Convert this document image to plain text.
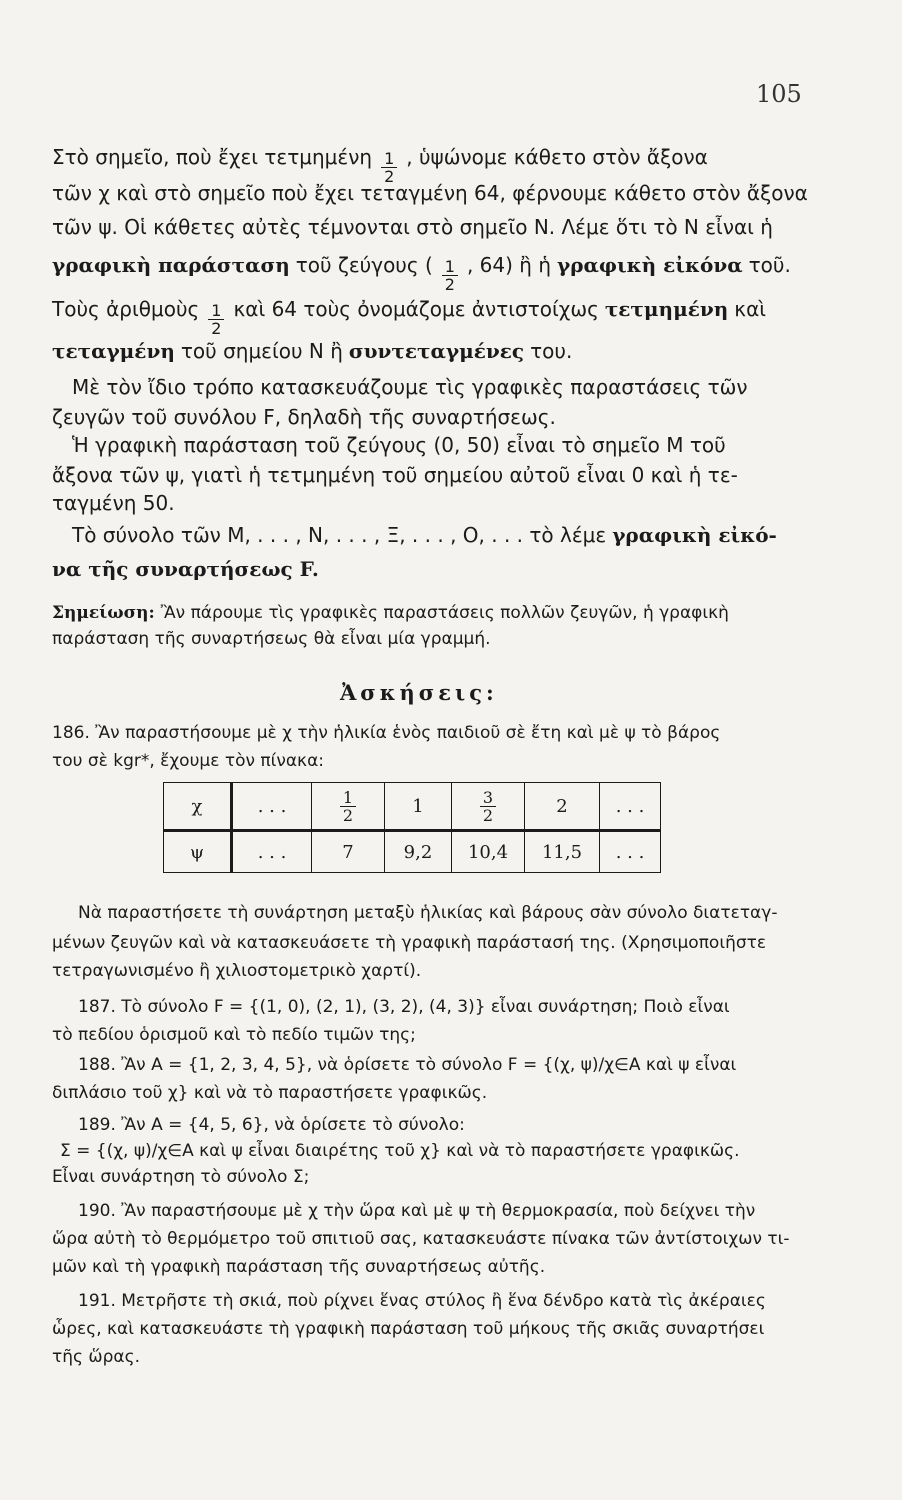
105
Στὸ σημεῖο, ποὺ ἔχει τετμημένη $\frac{1}{2}$ , ὑψώνομε κάθετο στὸν ἄξονα
τῶν χ καὶ στὸ σημεῖο ποὺ ἔχει τεταγμένη 64, φέρνουμε κάθετο στὸν ἄξονα
τῶν ψ. Οἱ κάθετες αὐτὲς τέμνονται στὸ σημεῖο Ν. Λέμε ὅτι τὸ Ν εἶναι ἡ
γραφικὴ παράσταση τοῦ ζεύγους ( $\frac{1}{2}$ , 64) ἢ ἡ γραφικὴ εἰκόνα τοῦ.
Τοὺς ἀριθμοὺς $\frac{1}{2}$ καὶ 64 τοὺς ὀνομάζομε ἀντιστοίχως τετμημένη καὶ
τεταγμένη τοῦ σημείου Ν ἢ συντεταγμένες του.
Μὲ τὸν ἴδιο τρόπο κατασκευάζουμε τὶς γραφικὲς παραστάσεις τῶν
ζευγῶν τοῦ συνόλου F, δηλαδὴ τῆς συναρτήσεως.
Ἡ γραφικὴ παράσταση τοῦ ζεύγους (0, 50) εἶναι τὸ σημεῖο Μ τοῦ
ἄξονα τῶν ψ, γιατὶ ἡ τετμημένη τοῦ σημείου αὐτοῦ εἶναι 0 καὶ ἡ τε-
ταγμένη 50.
Τὸ σύνολο τῶν Μ, . . . , Ν, . . . , Ξ, . . . , Ο, . . . τὸ λέμε γραφικὴ εἰκό-
να τῆς συναρτήσεως F.
Σημείωση: Ἂν πάρουμε τὶς γραφικὲς παραστάσεις πολλῶν ζευγῶν, ἡ γραφικὴ
παράσταση τῆς συναρτήσεως θὰ εἶναι μία γραμμή.
Ἀσκήσεις:
186. Ἂν παραστήσουμε μὲ χ τὴν ἡλικία ἑνὸς παιδιοῦ σὲ ἔτη καὶ μὲ ψ τὸ βάρος
του σὲ kgr*, ἔχουμε τὸν πίνακα:
χ	. . .	$\frac{1}{2}$	1	$\frac{3}{2}$	2	. . .
ψ	. . .	7	9,2	10,4	11,5	. . .
Νὰ παραστήσετε τὴ συνάρτηση μεταξὺ ἡλικίας καὶ βάρους σὰν σύνολο διατεταγ-
μένων ζευγῶν καὶ νὰ κατασκευάσετε τὴ γραφικὴ παράστασή της. (Χρησιμοποιῆστε
τετραγωνισμένο ἢ χιλιοστομετρικὸ χαρτί).
187. Τὸ σύνολο F = {(1, 0), (2, 1), (3, 2), (4, 3)} εἶναι συνάρτηση; Ποιὸ εἶναι
τὸ πεδίου ὁρισμοῦ καὶ τὸ πεδίο τιμῶν της;
188. Ἂν Α = {1, 2, 3, 4, 5}, νὰ ὁρίσετε τὸ σύνολο F = {(χ, ψ)/χ∈Α καὶ ψ εἶναι
διπλάσιο τοῦ χ} καὶ νὰ τὸ παραστήσετε γραφικῶς.
189. Ἂν Α = {4, 5, 6}, νὰ ὁρίσετε τὸ σύνολο:
Σ = {(χ, ψ)/χ∈Α καὶ ψ εἶναι διαιρέτης τοῦ χ} καὶ νὰ τὸ παραστήσετε γραφικῶς.
Εἶναι συνάρτηση τὸ σύνολο Σ;
190. Ἂν παραστήσουμε μὲ χ τὴν ὥρα καὶ μὲ ψ τὴ θερμοκρασία, ποὺ δείχνει τὴν
ὥρα αὐτὴ τὸ θερμόμετρο τοῦ σπιτιοῦ σας, κατασκευάστε πίνακα τῶν ἀντίστοιχων τι-
μῶν καὶ τὴ γραφικὴ παράσταση τῆς συναρτήσεως αὐτῆς.
191. Μετρῆστε τὴ σκιά, ποὺ ρίχνει ἕνας στύλος ἢ ἕνα δένδρο κατὰ τὶς ἀκέραιες
ὧρες, καὶ κατασκευάστε τὴ γραφικὴ παράσταση τοῦ μήκους τῆς σκιᾶς συναρτήσει
τῆς ὥρας.
